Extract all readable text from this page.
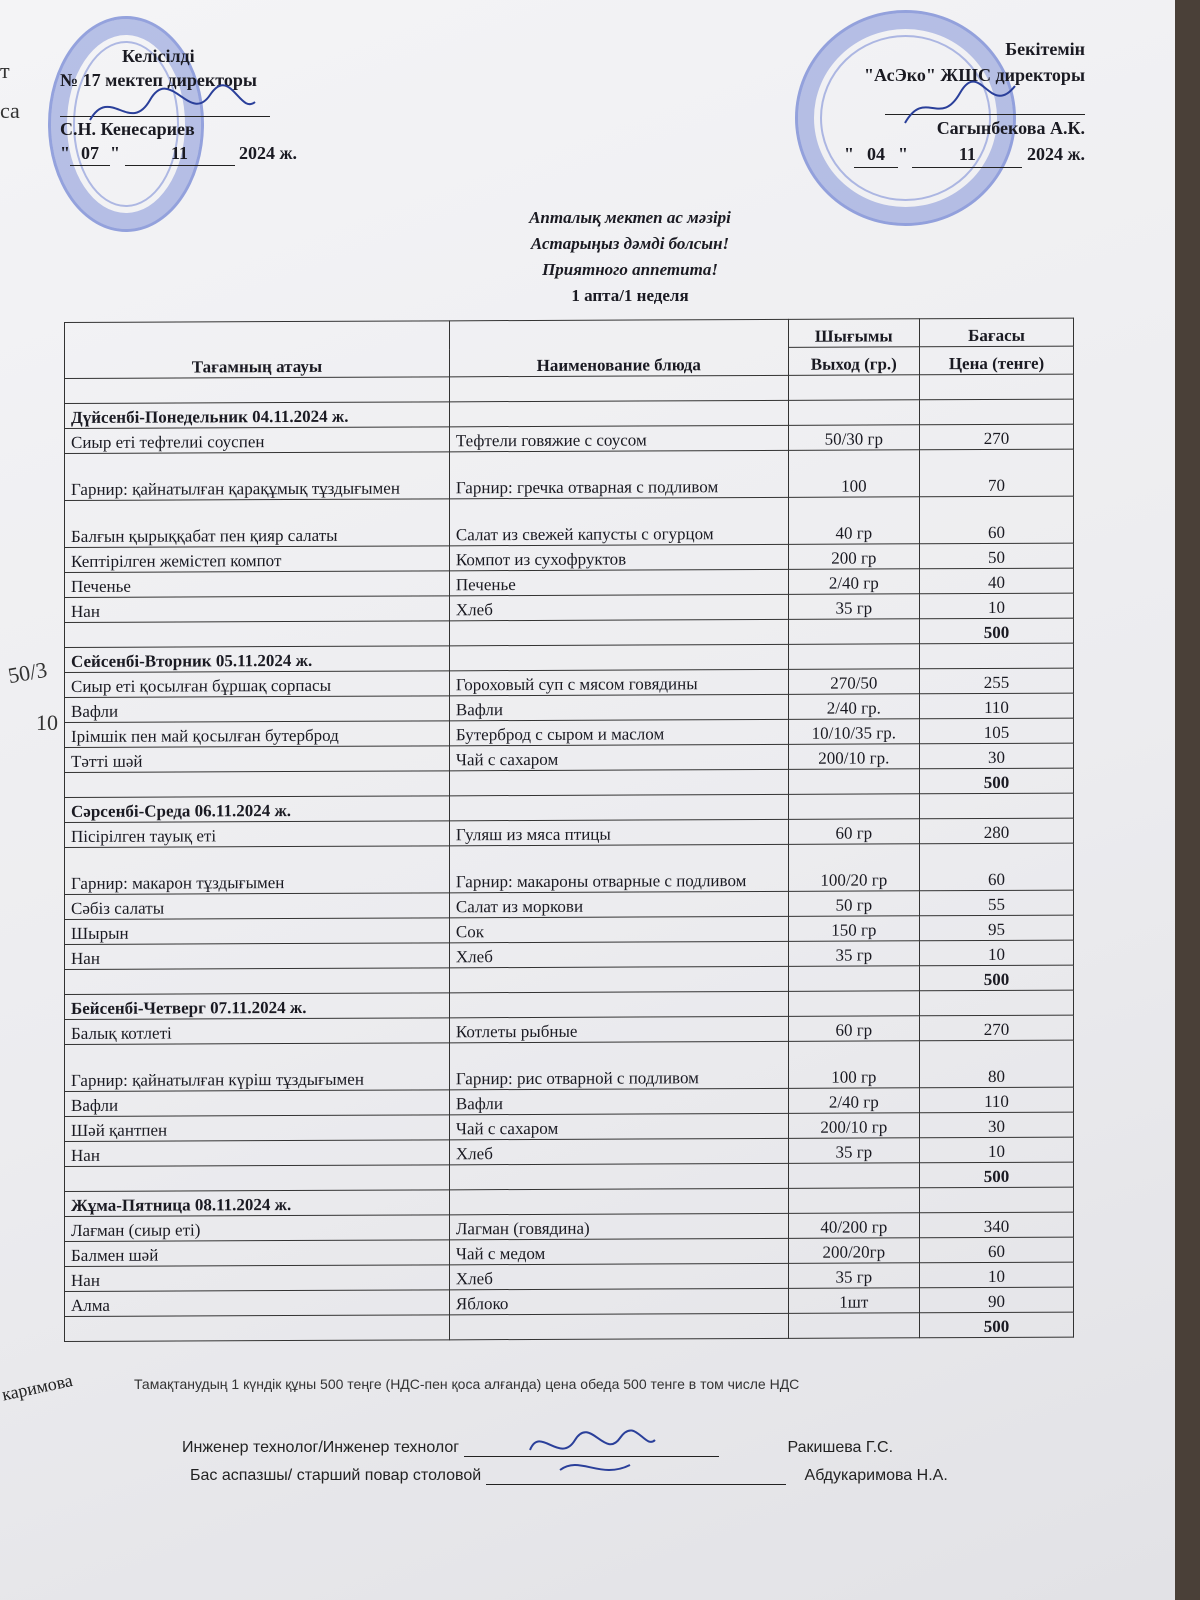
т
са
50/3
10
Келісілді
№ 17 мектеп директоры

С.Н. Кенесариев
" 07 "	11	2024 ж.
Бекітемін
"АсЭко" ЖШС директоры

Сагынбекова А.К.
" 04 "	11	2024 ж.
Апталық мектеп ас мәзірі
Астарыңыз дәмді болсын!
Приятного аппетита!
1 апта/1 неделя
Тағамның атауы	Наименование блюда	Шығымы	Бағасы
		Выход (гр.)	Цена (тенге)

Дүйсенбі-Понедельник 04.11.2024 ж.			
Сиыр еті тефтелиі соуспен	Тефтели говяжие с соусом	50/30 гр	270
Гарнир: қайнатылған қарақұмық тұздығымен	Гарнир: гречка отварная с подливом	100	70
Балғын қырыққабат пен қияр салаты	Салат из свежей капусты с огурцом	40 гр	60
Кептірілген жемістеп компот	Компот из сухофруктов	200 гр	50
Печенье	Печенье	2/40 гр	40
Нан	Хлеб	35 гр	10
			500
Сейсенбі-Вторник 05.11.2024 ж.			
Сиыр еті қосылған бұршақ сорпасы	Гороховый суп с мясом говядины	270/50	255
Вафли	Вафли	2/40 гр.	110
Ірімшік пен май қосылған бутерброд	Бутерброд с сыром и маслом	10/10/35 гр.	105
Тәтті шәй	Чай с сахаром	200/10 гр.	30
			500
Сәрсенбі-Среда 06.11.2024 ж.			
Пісірілген тауық еті	Гуляш из мяса птицы	60 гр	280
Гарнир: макарон тұздығымен	Гарнир: макароны отварные с подливом	100/20 гр	60
Сәбіз салаты	Салат из моркови	50 гр	55
Шырын	Сок	150 гр	95
Нан	Хлеб	35 гр	10
			500
Бейсенбі-Четверг 07.11.2024 ж.			
Балық котлеті	Котлеты рыбные	60 гр	270
Гарнир: қайнатылған күріш тұздығымен	Гарнир: рис отварной с подливом	100 гр	80
Вафли	Вафли	2/40 гр	110
Шәй қантпен	Чай с сахаром	200/10 гр	30
Нан	Хлеб	35 гр	10
			500
Жұма-Пятница 08.11.2024 ж.			
Лағман (сиыр еті)	Лагман (говядина)	40/200 гр	340
Балмен шәй	Чай с медом	200/20гр	60
Нан	Хлеб	35 гр	10
Алма	Яблоко	1шт	90
			500
Тамақтанудың 1 күндік құны 500 теңге (НДС-пен қоса алғанда) цена обеда 500 тенге в том числе НДС
Инженер технолог/Инженер технолог	Ракишева Г.С.
Бас аспазшы/ старший повар столовой	Абдукаримова Н.А.
каримова
